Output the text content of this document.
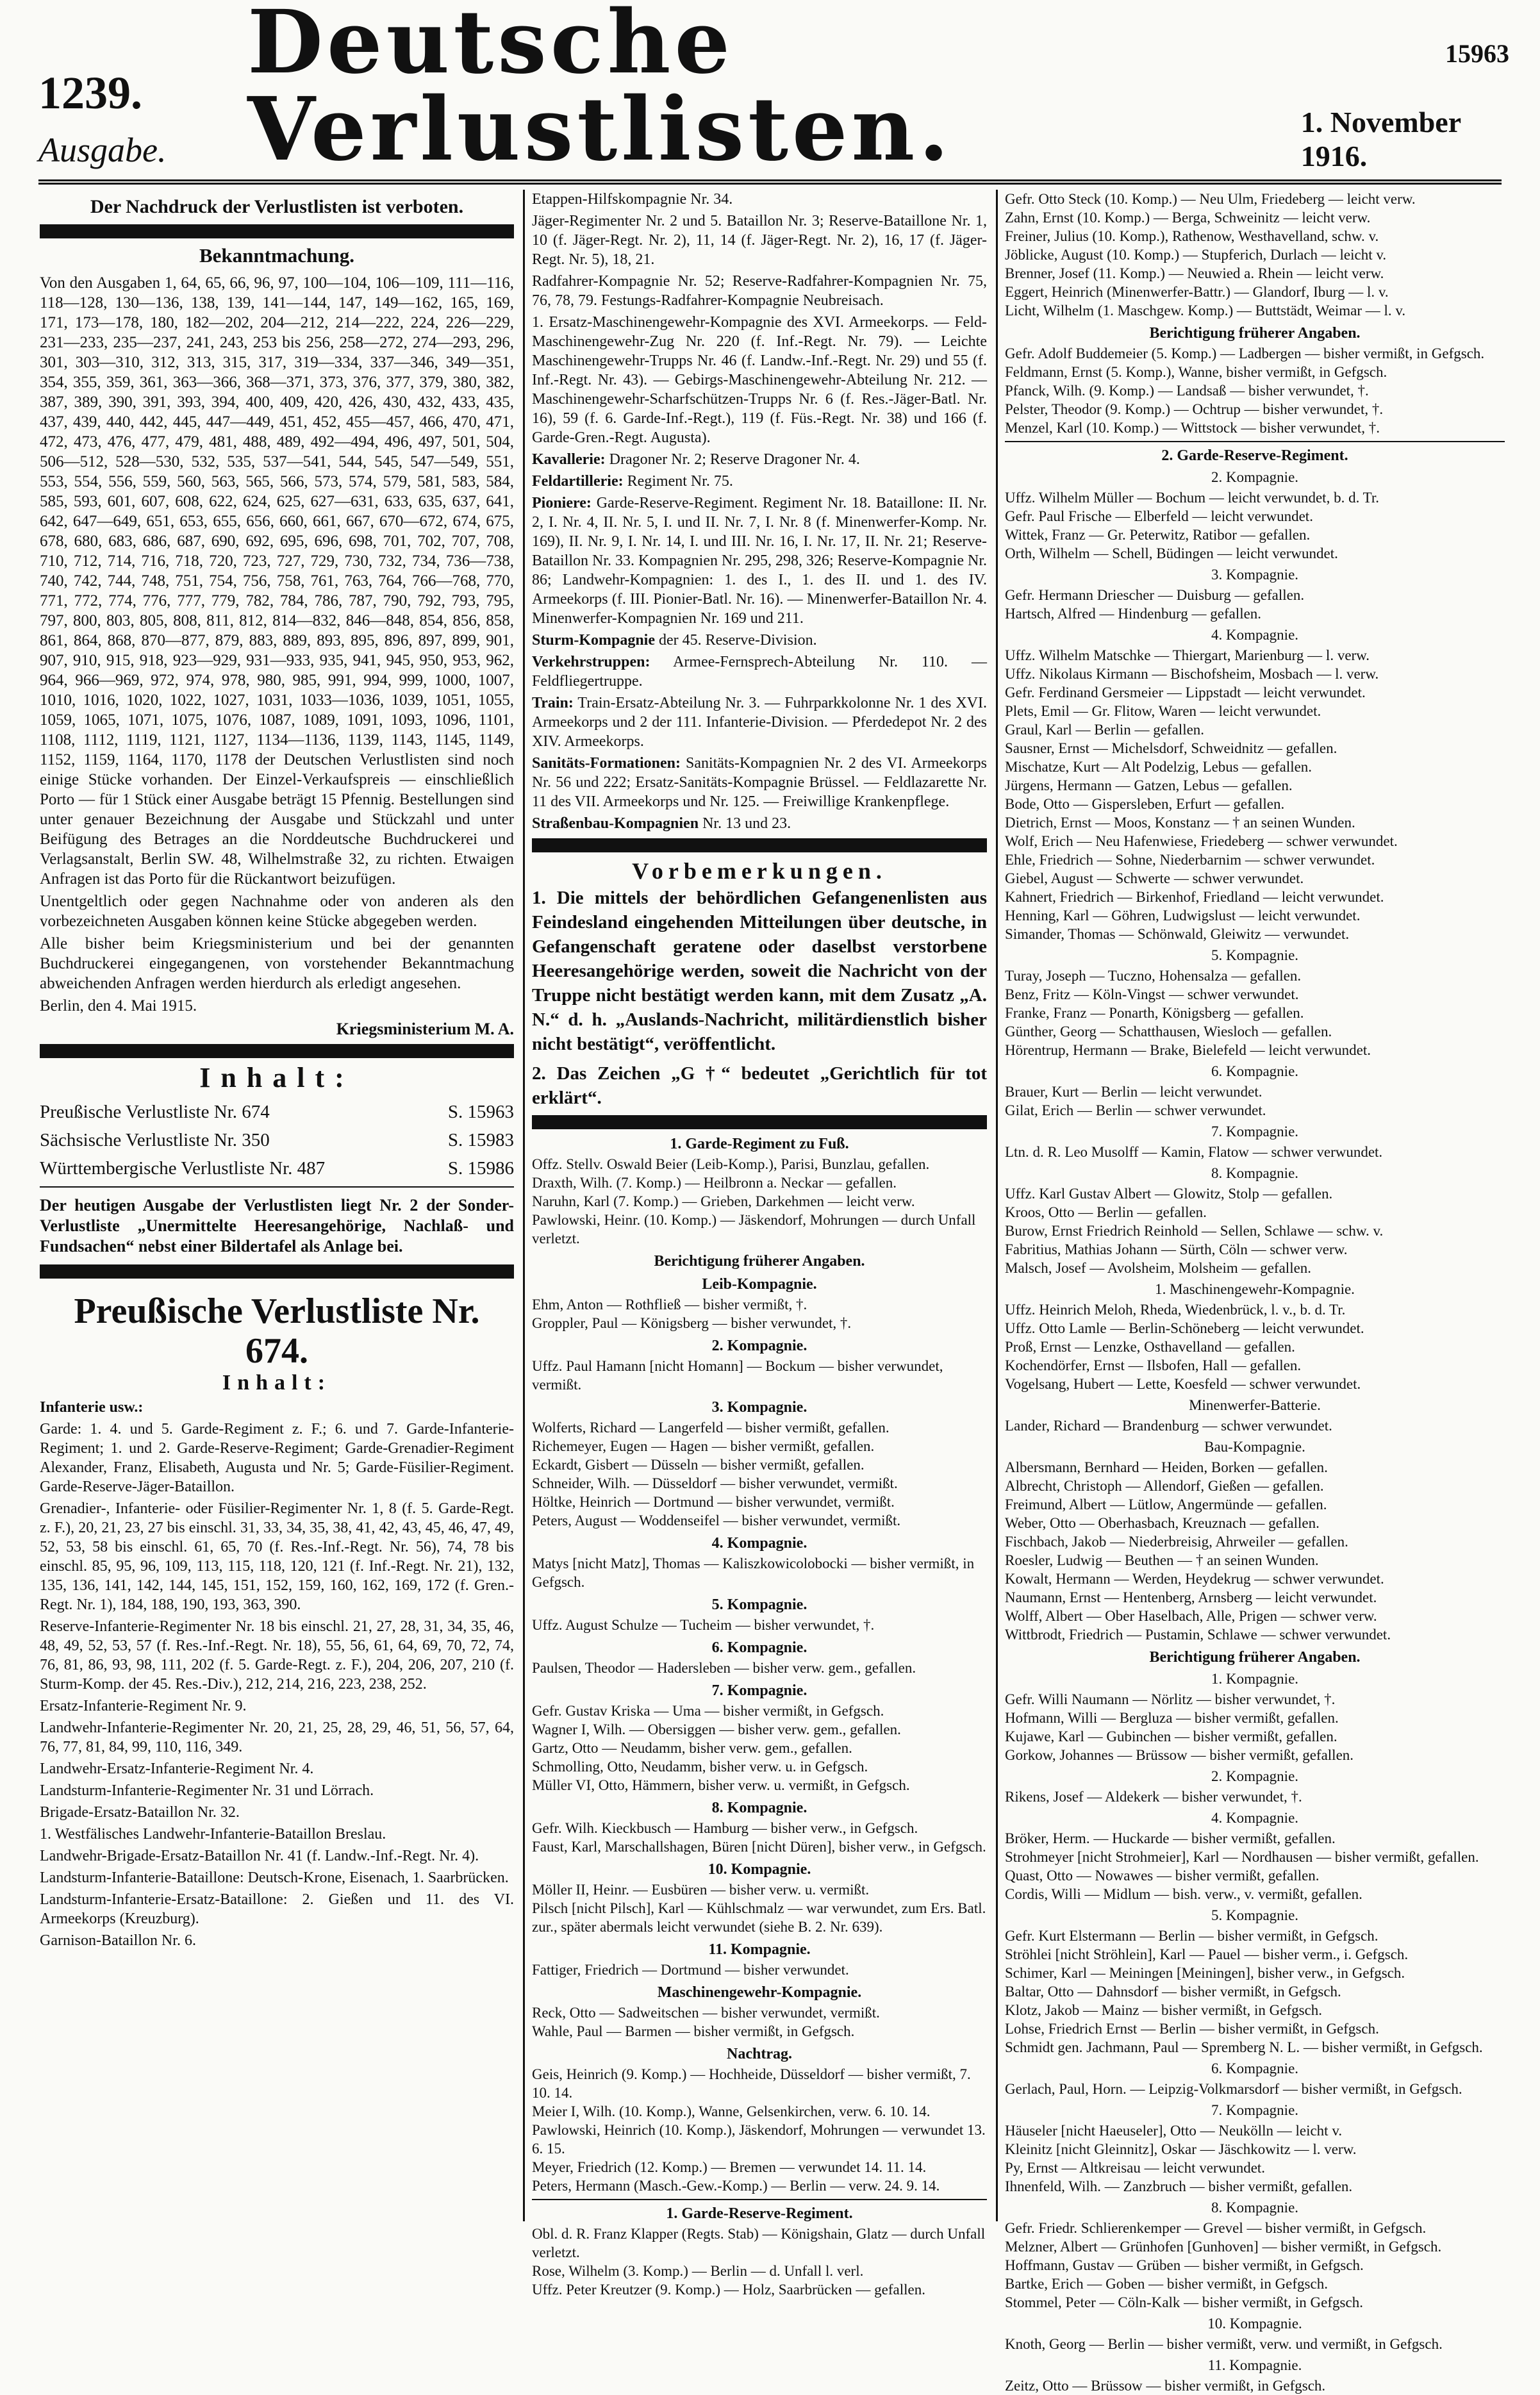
15963
1239. Ausgabe.
Deutsche Verlustlisten.	1. November 1916.
Der Nachdruck der Verlustlisten ist verboten.
Bekanntmachung.

Von den Ausgaben 1, 64, 65, 66, 96, 97, 100—104, 106—109, 111—116, 118—128, 130—136, 138, 139, 141—144, 147, 149—162, 165, 169, 171, 173—178, 180, 182—202, 204—212, 214—222, 224, 226—229, 231—233, 235—237, 241, 243, 253 bis 256, 258—272, 274—293, 296, 301, 303—310, 312, 313, 315, 317, 319—334, 337—346, 349—351, 354, 355, 359, 361, 363—366, 368—371, 373, 376, 377, 379, 380, 382, 387, 389, 390, 391, 393, 394, 400, 409, 420, 426, 430, 432, 433, 435, 437, 439, 440, 442, 445, 447—449, 451, 452, 455—457, 466, 470, 471, 472, 473, 476, 477, 479, 481, 488, 489, 492—494, 496, 497, 501, 504, 506—512, 528—530, 532, 535, 537—541, 544, 545, 547—549, 551, 553, 554, 556, 559, 560, 563, 565, 566, 573, 574, 579, 581, 583, 584, 585, 593, 601, 607, 608, 622, 624, 625, 627—631, 633, 635, 637, 641, 642, 647—649, 651, 653, 655, 656, 660, 661, 667, 670—672, 674, 675, 678, 680, 683, 686, 687, 690, 692, 695, 696, 698, 701, 702, 707, 708, 710, 712, 714, 716, 718, 720, 723, 727, 729, 730, 732, 734, 736—738, 740, 742, 744, 748, 751, 754, 756, 758, 761, 763, 764, 766—768, 770, 771, 772, 774, 776, 777, 779, 782, 784, 786, 787, 790, 792, 793, 795, 797, 800, 803, 805, 808, 811, 812, 814—832, 846—848, 854, 856, 858, 861, 864, 868, 870—877, 879, 883, 889, 893, 895, 896, 897, 899, 901, 907, 910, 915, 918, 923—929, 931—933, 935, 941, 945, 950, 953, 962, 964, 966—969, 972, 974, 978, 980, 985, 991, 994, 999, 1000, 1007, 1010, 1016, 1020, 1022, 1027, 1031, 1033—1036, 1039, 1051, 1055, 1059, 1065, 1071, 1075, 1076, 1087, 1089, 1091, 1093, 1096, 1101, 1108, 1112, 1119, 1121, 1127, 1134—1136, 1139, 1143, 1145, 1149, 1152, 1159, 1164, 1170, 1178 der Deutschen Verlustlisten sind noch einige Stücke vorhanden. Der Einzel-Verkaufspreis — einschließlich Porto — für 1 Stück einer Ausgabe beträgt 15 Pfennig. Bestellungen sind unter genauer Bezeichnung der Ausgabe und Stückzahl und unter Beifügung des Betrages an die Norddeutsche Buchdruckerei und Verlagsanstalt, Berlin SW. 48, Wilhelmstraße 32, zu richten. Etwaigen Anfragen ist das Porto für die Rückantwort beizufügen.

Unentgeltlich oder gegen Nachnahme oder von anderen als den vorbezeichneten Ausgaben können keine Stücke abgegeben werden.

Alle bisher beim Kriegsministerium und bei der genannten Buchdruckerei eingegangenen, von vorstehender Bekanntmachung abweichenden Anfragen werden hierdurch als erledigt angesehen.

Berlin, den 4. Mai 1915.

Kriegsministerium M. A.
Inhalt:
Preußische Verlustliste Nr. 674	S. 15963
Sächsische Verlustliste Nr. 350	S. 15983
Württembergische Verlustliste Nr. 487	S. 15986
Der heutigen Ausgabe der Verlustlisten liegt Nr. 2 der Sonder-Verlustliste „Unermittelte Heeresangehörige, Nachlaß- und Fundsachen“ nebst einer Bildertafel als Anlage bei.
Preußische Verlustliste Nr. 674.
Inhalt:

Infanterie usw.:

Garde: 1. 4. und 5. Garde-Regiment z. F.; 6. und 7. Garde-Infanterie-Regiment; 1. und 2. Garde-Reserve-Regiment; Garde-Grenadier-Regiment Alexander, Franz, Elisabeth, Augusta und Nr. 5; Garde-Füsilier-Regiment. Garde-Reserve-Jäger-Bataillon.

Grenadier-, Infanterie- oder Füsilier-Regimenter Nr. 1, 8 (f. 5. Garde-Regt. z. F.), 20, 21, 23, 27 bis einschl. 31, 33, 34, 35, 38, 41, 42, 43, 45, 46, 47, 49, 52, 53, 58 bis einschl. 61, 65, 70 (f. Res.-Inf.-Regt. Nr. 56), 74, 78 bis einschl. 85, 95, 96, 109, 113, 115, 118, 120, 121 (f. Inf.-Regt. Nr. 21), 132, 135, 136, 141, 142, 144, 145, 151, 152, 159, 160, 162, 169, 172 (f. Gren.-Regt. Nr. 1), 184, 188, 190, 193, 363, 390.

Reserve-Infanterie-Regimenter Nr. 18 bis einschl. 21, 27, 28, 31, 34, 35, 46, 48, 49, 52, 53, 57 (f. Res.-Inf.-Regt. Nr. 18), 55, 56, 61, 64, 69, 70, 72, 74, 76, 81, 86, 93, 98, 111, 202 (f. 5. Garde-Regt. z. F.), 204, 206, 207, 210 (f. Sturm-Komp. der 45. Res.-Div.), 212, 214, 216, 223, 238, 252.

Ersatz-Infanterie-Regiment Nr. 9.

Landwehr-Infanterie-Regimenter Nr. 20, 21, 25, 28, 29, 46, 51, 56, 57, 64, 76, 77, 81, 84, 99, 110, 116, 349.

Landwehr-Ersatz-Infanterie-Regiment Nr. 4.

Landsturm-Infanterie-Regimenter Nr. 31 und Lörrach.

Brigade-Ersatz-Bataillon Nr. 32.

1. Westfälisches Landwehr-Infanterie-Bataillon Breslau.

Landwehr-Brigade-Ersatz-Bataillon Nr. 41 (f. Landw.-Inf.-Regt. Nr. 4).

Landsturm-Infanterie-Bataillone: Deutsch-Krone, Eisenach, 1. Saarbrücken.

Landsturm-Infanterie-Ersatz-Bataillone: 2. Gießen und 11. des VI. Armeekorps (Kreuzburg).

Garnison-Bataillon Nr. 6.

Etappen-Hilfskompagnie Nr. 34.

Jäger-Regimenter Nr. 2 und 5. Bataillon Nr. 3; Reserve-Bataillone Nr. 1, 10 (f. Jäger-Regt. Nr. 2), 11, 14 (f. Jäger-Regt. Nr. 2), 16, 17 (f. Jäger-Regt. Nr. 5), 18, 21.

Radfahrer-Kompagnie Nr. 52; Reserve-Radfahrer-Kompagnien Nr. 75, 76, 78, 79. Festungs-Radfahrer-Kompagnie Neubreisach.

1. Ersatz-Maschinengewehr-Kompagnie des XVI. Armeekorps. — Feld-Maschinengewehr-Zug Nr. 220 (f. Inf.-Regt. Nr. 79). — Leichte Maschinengewehr-Trupps Nr. 46 (f. Landw.-Inf.-Regt. Nr. 29) und 55 (f. Inf.-Regt. Nr. 43). — Gebirgs-Maschinengewehr-Abteilung Nr. 212. — Maschinengewehr-Scharfschützen-Trupps Nr. 6 (f. Res.-Jäger-Batl. Nr. 16), 59 (f. 6. Garde-Inf.-Regt.), 119 (f. Füs.-Regt. Nr. 38) und 166 (f. Garde-Gren.-Regt. Augusta).

Kavallerie: Dragoner Nr. 2; Reserve Dragoner Nr. 4.

Feldartillerie: Regiment Nr. 75.

Pioniere: Garde-Reserve-Regiment. Regiment Nr. 18. Bataillone: II. Nr. 2, I. Nr. 4, II. Nr. 5, I. und II. Nr. 7, I. Nr. 8 (f. Minenwerfer-Komp. Nr. 169), II. Nr. 9, I. Nr. 14, I. und III. Nr. 16, I. Nr. 17, II. Nr. 21; Reserve-Bataillon Nr. 33. Kompagnien Nr. 295, 298, 326; Reserve-Kompagnie Nr. 86; Landwehr-Kompagnien: 1. des I., 1. des II. und 1. des IV. Armeekorps (f. III. Pionier-Batl. Nr. 16). — Minenwerfer-Bataillon Nr. 4. Minenwerfer-Kompagnien Nr. 169 und 211.

Sturm-Kompagnie der 45. Reserve-Division.

Verkehrstruppen: Armee-Fernsprech-Abteilung Nr. 110. — Feldfliegertruppe.

Train: Train-Ersatz-Abteilung Nr. 3. — Fuhrparkkolonne Nr. 1 des XVI. Armeekorps und 2 der 111. Infanterie-Division. — Pferdedepot Nr. 2 des XIV. Armeekorps.

Sanitäts-Formationen: Sanitäts-Kompagnien Nr. 2 des VI. Armeekorps Nr. 56 und 222; Ersatz-Sanitäts-Kompagnie Brüssel. — Feldlazarette Nr. 11 des VII. Armeekorps und Nr. 125. — Freiwillige Krankenpflege.

Straßenbau-Kompagnien Nr. 13 und 23.

Vorbemerkungen.

1. Die mittels der behördlichen Gefangenenlisten aus Feindesland eingehenden Mitteilungen über deutsche, in Gefangenschaft geratene oder daselbst verstorbene Heeresangehörige werden, soweit die Nachricht von der Truppe nicht bestätigt werden kann, mit dem Zusatz „A. N.“ d. h. „Auslands-Nachricht, militärdienstlich bisher nicht bestätigt“, veröffentlicht.

2. Das Zeichen „G †“ bedeutet „Gerichtlich für tot erklärt“.

1. Garde-Regiment zu Fuß.

Offz. Stellv. Oswald Beier (Leib-Komp.), Parisi, Bunzlau, gefallen.

Draxth, Wilh. (7. Komp.) — Heilbronn a. Neckar — gefallen.

Naruhn, Karl (7. Komp.) — Grieben, Darkehmen — leicht verw.

Pawlowski, Heinr. (10. Komp.) — Jäskendorf, Mohrungen — durch Unfall verletzt.

Berichtigung früherer Angaben.
Leib-Kompagnie.

Ehm, Anton — Rothfließ — bisher vermißt, †.

Groppler, Paul — Königsberg — bisher verwundet, †.

2. Kompagnie.

Uffz. Paul Hamann [nicht Homann] — Bockum — bisher verwundet, vermißt.

3. Kompagnie.

Wolferts, Richard — Langerfeld — bisher vermißt, gefallen.

Richemeyer, Eugen — Hagen — bisher vermißt, gefallen.

Eckardt, Gisbert — Düsseln — bisher vermißt, gefallen.

Schneider, Wilh. — Düsseldorf — bisher verwundet, vermißt.

Höltke, Heinrich — Dortmund — bisher verwundet, vermißt.

Peters, August — Woddenseifel — bisher verwundet, vermißt.

4. Kompagnie.

Matys [nicht Matz], Thomas — Kaliszkowicolobocki — bisher vermißt, in Gefgsch.

5. Kompagnie.

Uffz. August Schulze — Tucheim — bisher verwundet, †.

6. Kompagnie.

Paulsen, Theodor — Hadersleben — bisher verw. gem., gefallen.

7. Kompagnie.

Gefr. Gustav Kriska — Uma — bisher vermißt, in Gefgsch.

Wagner I, Wilh. — Obersiggen — bisher verw. gem., gefallen.

Gartz, Otto — Neudamm, bisher verw. gem., gefallen.

Schmolling, Otto, Neudamm, bisher verw. u. in Gefgsch.

Müller VI, Otto, Hämmern, bisher verw. u. vermißt, in Gefgsch.

8. Kompagnie.

Gefr. Wilh. Kieckbusch — Hamburg — bisher verw., in Gefgsch.

Faust, Karl, Marschallshagen, Büren [nicht Düren], bisher verw., in Gefgsch.

10. Kompagnie.

Möller II, Heinr. — Eusbüren — bisher verw. u. vermißt.

Pilsch [nicht Pilsch], Karl — Kühlschmalz — war verwundet, zum Ers. Batl. zur., später abermals leicht verwundet (siehe B. 2. Nr. 639).

11. Kompagnie.

Fattiger, Friedrich — Dortmund — bisher verwundet.

Maschinengewehr-Kompagnie.

Reck, Otto — Sadweitschen — bisher verwundet, vermißt.

Wahle, Paul — Barmen — bisher vermißt, in Gefgsch.

Nachtrag.

Geis, Heinrich (9. Komp.) — Hochheide, Düsseldorf — bisher vermißt, 7. 10. 14.

Meier I, Wilh. (10. Komp.), Wanne, Gelsenkirchen, verw. 6. 10. 14.

Pawlowski, Heinrich (10. Komp.), Jäskendorf, Mohrungen — verwundet 13. 6. 15.

Meyer, Friedrich (12. Komp.) — Bremen — verwundet 14. 11. 14.

Peters, Hermann (Masch.-Gew.-Komp.) — Berlin — verw. 24. 9. 14.

1. Garde-Reserve-Regiment.

Obl. d. R. Franz Klapper (Regts. Stab) — Königshain, Glatz — durch Unfall verletzt.

Rose, Wilhelm (3. Komp.) — Berlin — d. Unfall l. verl.

Uffz. Peter Kreutzer (9. Komp.) — Holz, Saarbrücken — gefallen.

Gefr. Otto Steck (10. Komp.) — Neu Ulm, Friedeberg — leicht verw.

Zahn, Ernst (10. Komp.) — Berga, Schweinitz — leicht verw.

Freiner, Julius (10. Komp.), Rathenow, Westhavelland, schw. v.

Jöblicke, August (10. Komp.) — Stupferich, Durlach — leicht v.

Brenner, Josef (11. Komp.) — Neuwied a. Rhein — leicht verw.

Eggert, Heinrich (Minenwerfer-Battr.) — Glandorf, Iburg — l. v.

Licht, Wilhelm (1. Maschgew. Komp.) — Buttstädt, Weimar — l. v.

Berichtigung früherer Angaben.

Gefr. Adolf Buddemeier (5. Komp.) — Ladbergen — bisher vermißt, in Gefgsch.

Feldmann, Ernst (5. Komp.), Wanne, bisher vermißt, in Gefgsch.

Pfanck, Wilh. (9. Komp.) — Landsaß — bisher verwundet, †.

Pelster, Theodor (9. Komp.) — Ochtrup — bisher verwundet, †.

Menzel, Karl (10. Komp.) — Wittstock — bisher verwundet, †.

2. Garde-Reserve-Regiment.
2. Kompagnie.

Uffz. Wilhelm Müller — Bochum — leicht verwundet, b. d. Tr.

Gefr. Paul Frische — Elberfeld — leicht verwundet.

Wittek, Franz — Gr. Peterwitz, Ratibor — gefallen.

Orth, Wilhelm — Schell, Büdingen — leicht verwundet.

3. Kompagnie.

Gefr. Hermann Driescher — Duisburg — gefallen.

Hartsch, Alfred — Hindenburg — gefallen.

4. Kompagnie.

Uffz. Wilhelm Matschke — Thiergart, Marienburg — l. verw.

Uffz. Nikolaus Kirmann — Bischofsheim, Mosbach — l. verw.

Gefr. Ferdinand Gersmeier — Lippstadt — leicht verwundet.

Plets, Emil — Gr. Flitow, Waren — leicht verwundet.

Graul, Karl — Berlin — gefallen.

Sausner, Ernst — Michelsdorf, Schweidnitz — gefallen.

Mischatze, Kurt — Alt Podelzig, Lebus — gefallen.

Jürgens, Hermann — Gatzen, Lebus — gefallen.

Bode, Otto — Gispersleben, Erfurt — gefallen.

Dietrich, Ernst — Moos, Konstanz — † an seinen Wunden.

Wolf, Erich — Neu Hafenwiese, Friedeberg — schwer verwundet.

Ehle, Friedrich — Sohne, Niederbarnim — schwer verwundet.

Giebel, August — Schwerte — schwer verwundet.

Kahnert, Friedrich — Birkenhof, Friedland — leicht verwundet.

Henning, Karl — Göhren, Ludwigslust — leicht verwundet.

Simander, Thomas — Schönwald, Gleiwitz — verwundet.

5. Kompagnie.

Turay, Joseph — Tuczno, Hohensalza — gefallen.

Benz, Fritz — Köln-Vingst — schwer verwundet.

Franke, Franz — Ponarth, Königsberg — gefallen.

Günther, Georg — Schatthausen, Wiesloch — gefallen.

Hörentrup, Hermann — Brake, Bielefeld — leicht verwundet.

6. Kompagnie.

Brauer, Kurt — Berlin — leicht verwundet.

Gilat, Erich — Berlin — schwer verwundet.

7. Kompagnie.

Ltn. d. R. Leo Musolff — Kamin, Flatow — schwer verwundet.

8. Kompagnie.

Uffz. Karl Gustav Albert — Glowitz, Stolp — gefallen.

Kroos, Otto — Berlin — gefallen.

Burow, Ernst Friedrich Reinhold — Sellen, Schlawe — schw. v.

Fabritius, Mathias Johann — Sürth, Cöln — schwer verw.

Malsch, Josef — Avolsheim, Molsheim — gefallen.

1. Maschinengewehr-Kompagnie.

Uffz. Heinrich Meloh, Rheda, Wiedenbrück, l. v., b. d. Tr.

Uffz. Otto Lamle — Berlin-Schöneberg — leicht verwundet.

Proß, Ernst — Lenzke, Osthavelland — gefallen.

Kochendörfer, Ernst — Ilsbofen, Hall — gefallen.

Vogelsang, Hubert — Lette, Koesfeld — schwer verwundet.

Minenwerfer-Batterie.

Lander, Richard — Brandenburg — schwer verwundet.

Bau-Kompagnie.

Albersmann, Bernhard — Heiden, Borken — gefallen.

Albrecht, Christoph — Allendorf, Gießen — gefallen.

Freimund, Albert — Lütlow, Angermünde — gefallen.

Weber, Otto — Oberhasbach, Kreuznach — gefallen.

Fischbach, Jakob — Niederbreisig, Ahrweiler — gefallen.

Roesler, Ludwig — Beuthen — † an seinen Wunden.

Kowalt, Hermann — Werden, Heydekrug — schwer verwundet.

Naumann, Ernst — Hentenberg, Arnsberg — leicht verwundet.

Wolff, Albert — Ober Haselbach, Alle, Prigen — schwer verw.

Wittbrodt, Friedrich — Pustamin, Schlawe — schwer verwundet.

Berichtigung früherer Angaben.
1. Kompagnie.

Gefr. Willi Naumann — Nörlitz — bisher verwundet, †.

Hofmann, Willi — Bergluza — bisher vermißt, gefallen.

Kujawe, Karl — Gubinchen — bisher vermißt, gefallen.

Gorkow, Johannes — Brüssow — bisher vermißt, gefallen.

2. Kompagnie.

Rikens, Josef — Aldekerk — bisher verwundet, †.

4. Kompagnie.

Bröker, Herm. — Huckarde — bisher vermißt, gefallen.

Strohmeyer [nicht Strohmeier], Karl — Nordhausen — bisher vermißt, gefallen.

Quast, Otto — Nowawes — bisher vermißt, gefallen.

Cordis, Willi — Midlum — bish. verw., v. vermißt, gefallen.

5. Kompagnie.

Gefr. Kurt Elstermann — Berlin — bisher vermißt, in Gefgsch.

Ströhlei [nicht Ströhlein], Karl — Pauel — bisher verm., i. Gefgsch.

Schimer, Karl — Meiningen [Meiningen], bisher verw., in Gefgsch.

Baltar, Otto — Dahnsdorf — bisher vermißt, in Gefgsch.

Klotz, Jakob — Mainz — bisher vermißt, in Gefgsch.

Lohse, Friedrich Ernst — Berlin — bisher vermißt, in Gefgsch.

Schmidt gen. Jachmann, Paul — Spremberg N. L. — bisher vermißt, in Gefgsch.

6. Kompagnie.

Gerlach, Paul, Horn. — Leipzig-Volkmarsdorf — bisher vermißt, in Gefgsch.

7. Kompagnie.

Häuseler [nicht Haeuseler], Otto — Neukölln — leicht v.

Kleinitz [nicht Gleinnitz], Oskar — Jäschkowitz — l. verw.

Py, Ernst — Altkreisau — leicht verwundet.

Ihnenfeld, Wilh. — Zanzbruch — bisher vermißt, gefallen.

8. Kompagnie.

Gefr. Friedr. Schlierenkemper — Grevel — bisher vermißt, in Gefgsch.

Melzner, Albert — Grünhofen [Gunhoven] — bisher vermißt, in Gefgsch.

Hoffmann, Gustav — Grüben — bisher vermißt, in Gefgsch.

Bartke, Erich — Goben — bisher vermißt, in Gefgsch.

Stommel, Peter — Cöln-Kalk — bisher vermißt, in Gefgsch.

10. Kompagnie.

Knoth, Georg — Berlin — bisher vermißt, verw. und vermißt, in Gefgsch.

11. Kompagnie.

Zeitz, Otto — Brüssow — bisher vermißt, in Gefgsch.
